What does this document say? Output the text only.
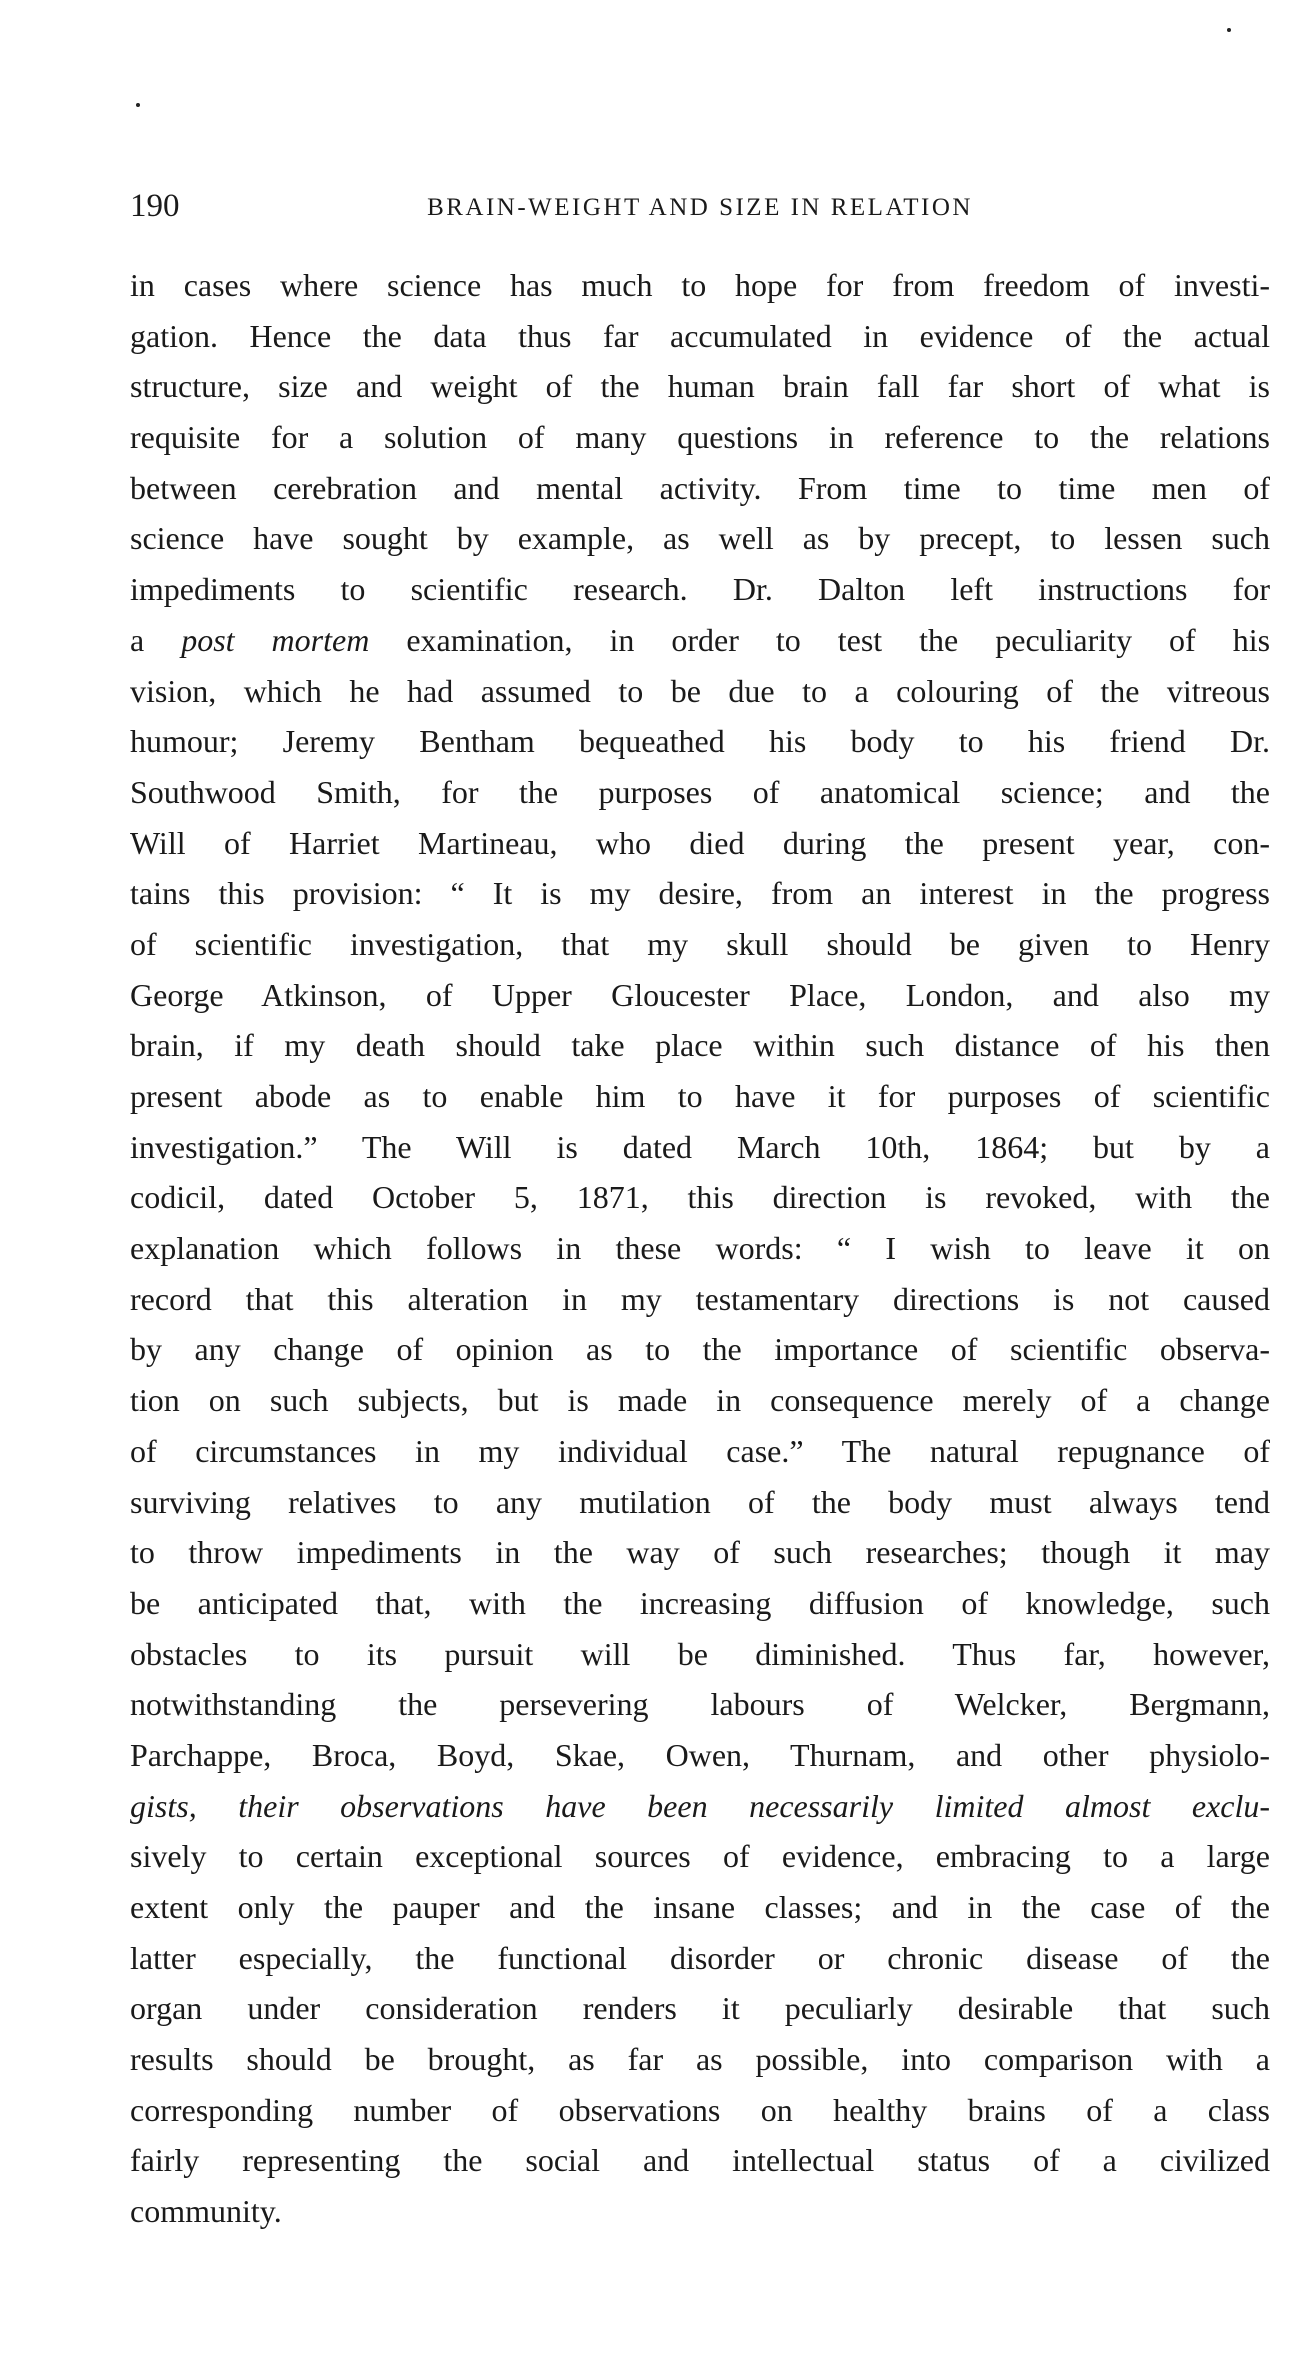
190	BRAIN-WEIGHT AND SIZE IN RELATION
in cases where science has much to hope for from freedom of investi-
gation. Hence the data thus far accumulated in evidence of the actual
structure, size and weight of the human brain fall far short of what is
requisite for a solution of many questions in reference to the relations
between cerebration and mental activity. From time to time men of
science have sought by example, as well as by precept, to lessen such
impediments to scientific research. Dr. Dalton left instructions for
a post mortem examination, in order to test the peculiarity of his
vision, which he had assumed to be due to a colouring of the vitreous
humour; Jeremy Bentham bequeathed his body to his friend Dr.
Southwood Smith, for the purposes of anatomical science; and the
Will of Harriet Martineau, who died during the present year, con-
tains this provision: “ It is my desire, from an interest in the progress
of scientific investigation, that my skull should be given to Henry
George Atkinson, of Upper Gloucester Place, London, and also my
brain, if my death should take place within such distance of his then
present abode as to enable him to have it for purposes of scientific
investigation.” The Will is dated March 10th, 1864; but by a
codicil, dated October 5, 1871, this direction is revoked, with the
explanation which follows in these words: “ I wish to leave it on
record that this alteration in my testamentary directions is not caused
by any change of opinion as to the importance of scientific observa-
tion on such subjects, but is made in consequence merely of a change
of circumstances in my individual case.” The natural repugnance of
surviving relatives to any mutilation of the body must always tend
to throw impediments in the way of such researches; though it may
be anticipated that, with the increasing diffusion of knowledge, such
obstacles to its pursuit will be diminished. Thus far, however,
notwithstanding the persevering labours of Welcker, Bergmann,
Parchappe, Broca, Boyd, Skae, Owen, Thurnam, and other physiolo-
gists, their observations have been necessarily limited almost exclu-
sively to certain exceptional sources of evidence, embracing to a large
extent only the pauper and the insane classes; and in the case of the
latter especially, the functional disorder or chronic disease of the
organ under consideration renders it peculiarly desirable that such
results should be brought, as far as possible, into comparison with a
corresponding number of observations on healthy brains of a class
fairly representing the social and intellectual status of a civilized
community.
